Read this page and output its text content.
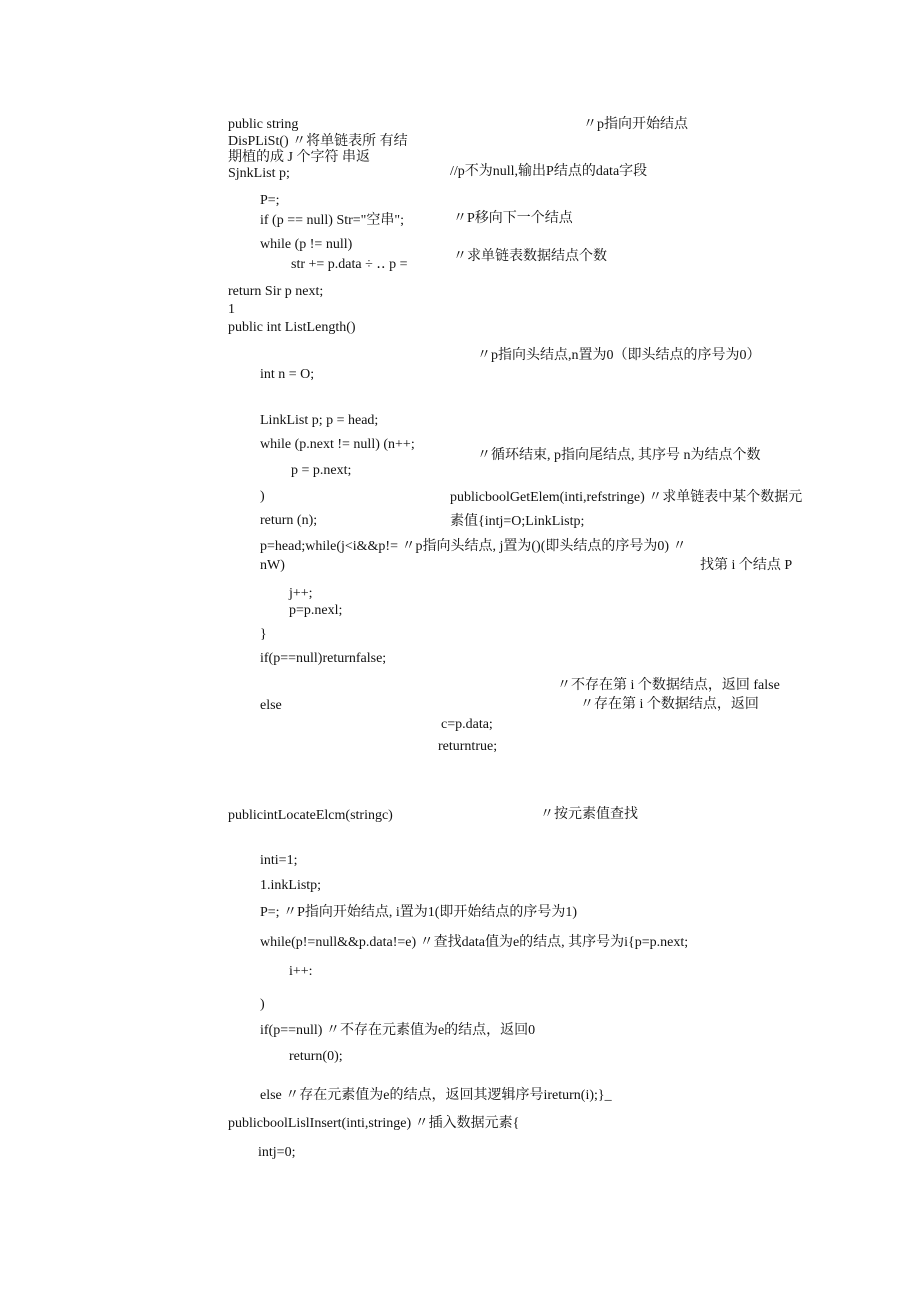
public string	〃p指向开始结点
DisPLiSt() 〃将单链表所 有结
期植的成 J 个字符 串返
SjnkList p;	//p不为null,输出P结点的data字段
P=;
if (p == null) Str="空串";	〃P移向下一个结点
while (p != null)
str += p.data ÷ ‥ p =
〃求单链表数据结点个数
return Sir p next;
1
public int ListLength()
〃p指向头结点,n置为0（即头结点的序号为0）
int n = O;
LinkList p; p = head;
while (p.next != null) (n++;
〃循环结束, p指向尾结点, 其序号 n为结点个数
p = p.next;
)	publicboolGetElem(inti,refstringe) 〃求单链表中某个数据元
return (n);	素值{intj=O;LinkListp;
p=head;while(j<i&&p!= 〃p指向头结点, j置为()(即头结点的序号为0) 〃
nW)	找第 i 个结点 P
j++;
p=p.nexl;
}
if(p==null)returnfalse;
〃不存在第 i 个数据结点，返回 false
else	〃存在第 i 个数据结点，返回
c=p.data;
returntrue;
publicintLocateElcm(stringc)	〃按元素值查找
inti=1;
1.inkListp;
P=; 〃P指向开始结点, i置为1(即开始结点的序号为1)
while(p!=null&&p.data!=e) 〃查找data值为e的结点, 其序号为i{p=p.next;
i++:
)
if(p==null) 〃不存在元素值为e的结点，返回0
return(0);
else 〃存在元素值为e的结点，返回其逻辑序号ireturn(i);}_
publicboolLislInsert(inti,stringe) 〃插入数据元素{
intj=0;
